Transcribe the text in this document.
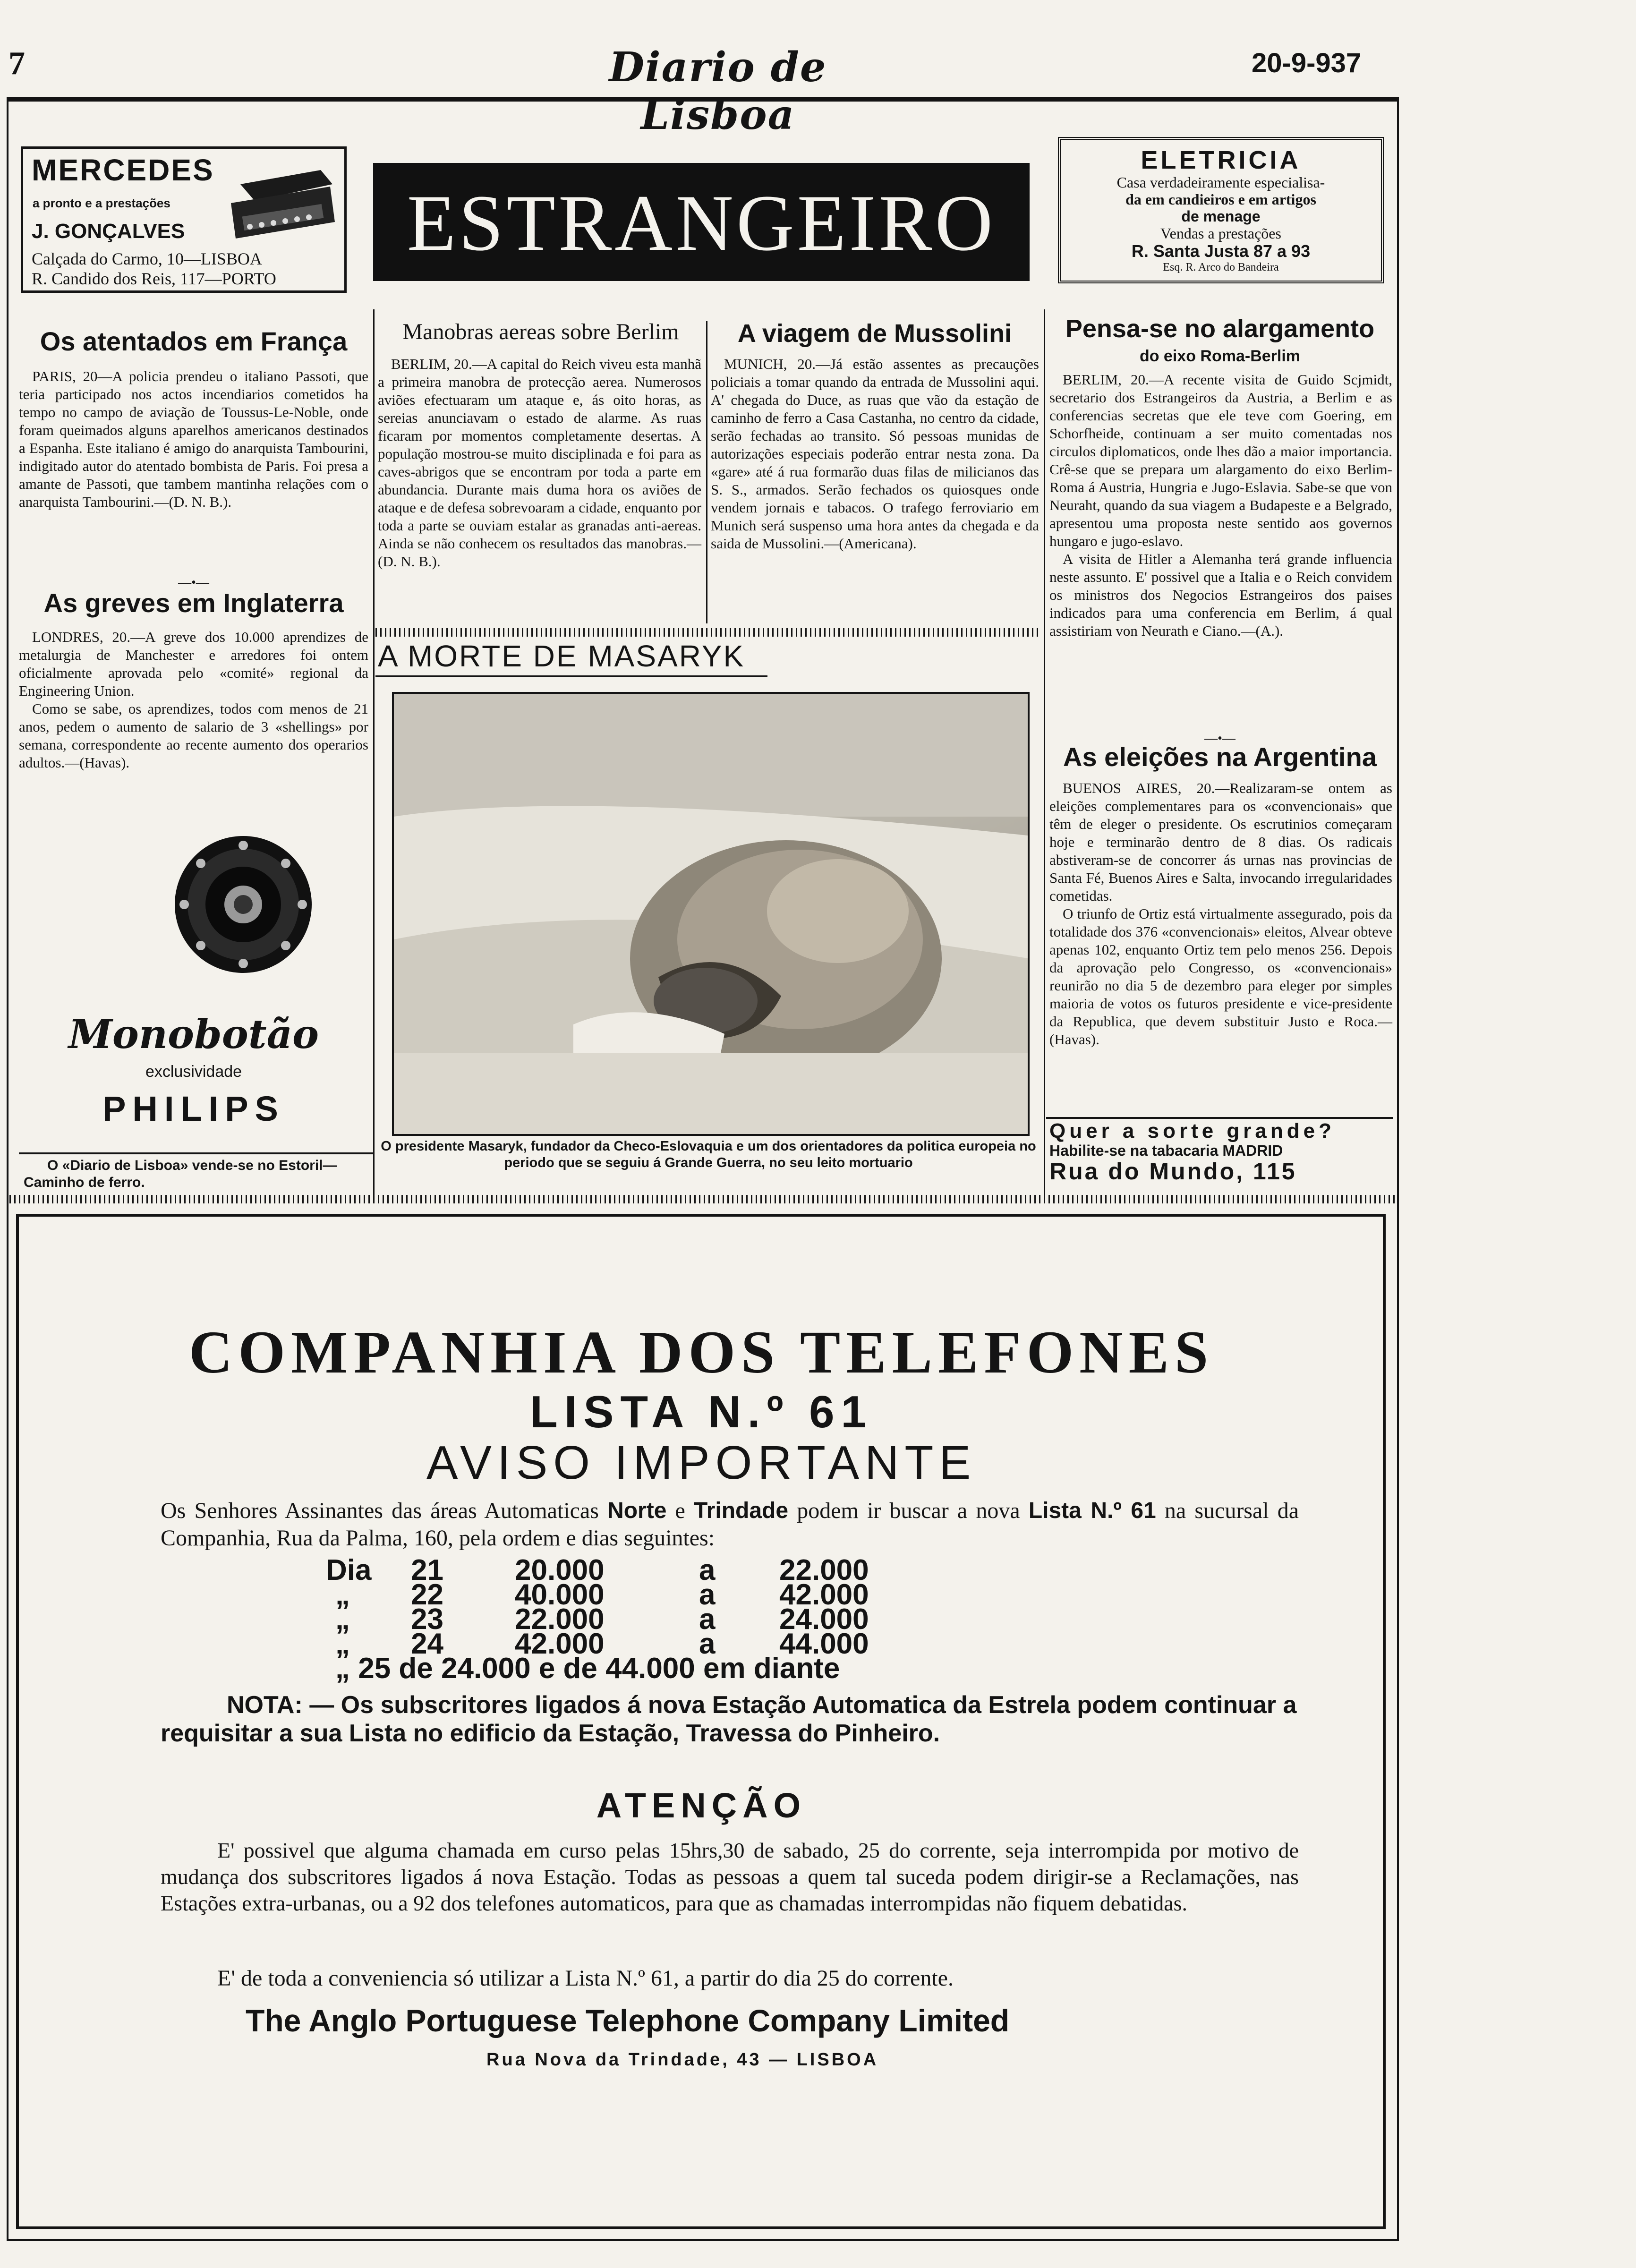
7	Diario de Lisboa
20-9-937
MERCEDES
a pronto e a prestações
J. GONÇALVES
Calçada do Carmo, 10—LISBOA
R. Candido dos Reis, 117—PORTO
ESTRANGEIRO
ELETRICIA
Casa verdadeiramente especialisa-
da em candieiros e em artigos
de menage
Vendas a prestações
R. Santa Justa 87 a 93
Esq. R. Arco do Bandeira
Os atentados em França

PARIS, 20—A policia prendeu o italiano Passoti, que teria participado nos actos incendiarios cometidos ha tempo no campo de aviação de Toussus-Le-Noble, onde foram queimados alguns aparelhos americanos destinados a Espanha. Este italiano é amigo do anarquista Tambourini, indigitado autor do atentado bombista de Paris. Foi presa a amante de Passoti, que tambem mantinha relações com o anarquista Tambourini.—(D. N. B.).

—•—
As greves em Inglaterra

LONDRES, 20.—A greve dos 10.000 aprendizes de metalurgia de Manchester e arredores foi ontem oficialmente aprovada pelo «comité» regional da Engineering Union.

Como se sabe, os aprendizes, todos com menos de 21 anos, pedem o aumento de salario de 3 «shellings» por semana, correspondente ao recente aumento dos operarios adultos.—(Havas).

Monobotão
exclusividade
PHILIPS
O «Diario de Lisboa» vende-se no Estoril—Caminho de ferro.
Manobras aereas sobre Berlim

BERLIM, 20.—A capital do Reich viveu esta manhã a primeira manobra de protecção aerea. Numerosos aviões efectuaram um ataque e, ás oito horas, as sereias anunciavam o estado de alarme. As ruas ficaram por momentos completamente desertas. A população mostrou-se muito disciplinada e foi para as caves-abrigos que se encontram por toda a parte em abundancia. Durante mais duma hora os aviões de ataque e de defesa sobrevoaram a cidade, enquanto por toda a parte se ouviam estalar as granadas anti-aereas. Ainda se não conhecem os resultados das manobras.—(D. N. B.).

A viagem de Mussolini

MUNICH, 20.—Já estão assentes as precauções policiais a tomar quando da entrada de Mussolini aqui. A' chegada do Duce, as ruas que vão da estação de caminho de ferro a Casa Castanha, no centro da cidade, serão fechadas ao transito. Só pessoas munidas de autorizações especiais poderão entrar nesta zona. Da «gare» até á rua formarão duas filas de milicianos das S. S., armados. Serão fechados os quiosques onde vendem jornais e tabacos. O trafego ferroviario em Munich será suspenso uma hora antes da chegada e da saida de Mussolini.—(Americana).

A MORTE DE MASARYK
O presidente Masaryk, fundador da Checo-Eslovaquia e um dos orientadores da politica europeia no periodo que se seguiu á Grande Guerra, no seu leito mortuario
Pensa-se no alargamento
do eixo Roma-Berlim

BERLIM, 20.—A recente visita de Guido Scjmidt, secretario dos Estrangeiros da Austria, a Berlim e as conferencias secretas que ele teve com Goering, em Schorfheide, continuam a ser muito comentadas nos circulos diplomaticos, onde lhes dão a maior importancia. Crê-se que se prepara um alargamento do eixo Berlim-Roma á Austria, Hungria e Jugo-Eslavia. Sabe-se que von Neuraht, quando da sua viagem a Budapeste e a Belgrado, apresentou uma proposta neste sentido aos governos hungaro e jugo-eslavo.

A visita de Hitler a Alemanha terá grande influencia neste assunto. E' possivel que a Italia e o Reich convidem os ministros dos Negocios Estrangeiros dos paises indicados para uma conferencia em Berlim, á qual assistiriam von Neurath e Ciano.—(A.).

—•—
As eleições na Argentina

BUENOS AIRES, 20.—Realizaram-se ontem as eleições complementares para os «convencionais» que têm de eleger o presidente. Os escrutinios começaram hoje e terminarão dentro de 8 dias. Os radicais abstiveram-se de concorrer ás urnas nas provincias de Santa Fé, Buenos Aires e Salta, invocando irregularidades cometidas.

O triunfo de Ortiz está virtualmente assegurado, pois da totalidade dos 376 «convencionais» eleitos, Alvear obteve apenas 102, enquanto Ortiz tem pelo menos 256. Depois da aprovação pelo Congresso, os «convencionais» reunirão no dia 5 de dezembro para eleger por simples maioria de votos os futuros presidente e vice-presidente da Republica, que devem substituir Justo e Roca.—(Havas).

Quer a sorte grande?
Habilite-se na tabacaria MADRID
Rua do Mundo, 115
COMPANHIA DOS TELEFONES
LISTA N.º 61
AVISO IMPORTANTE
Os Senhores Assinantes das áreas Automaticas Norte e Trindade podem ir buscar a nova Lista N.º 61 na sucursal da Companhia, Rua da Palma, 160, pela ordem e dias seguintes:
Dia 21 20.000	a 22.000
„ 22 40.000	a 42.000
„ 23 22.000	a 24.000
„ 24 42.000	a 44.000
„ 25 de 24.000 e de 44.000 em diante
NOTA: — Os subscritores ligados á nova Estação Automatica da Estrela podem continuar a requisitar a sua Lista no edificio da Estação, Travessa do Pinheiro.
ATENÇÃO
E' possivel que alguma chamada em curso pelas 15hrs,30 de sabado, 25 do corrente, seja interrompida por motivo de mudança dos subscritores ligados á nova Estação. Todas as pessoas a quem tal suceda podem dirigir-se a Reclamações, nas Estações extra-urbanas, ou a 92 dos telefones automaticos, para que as chamadas interrompidas não fiquem debatidas.
E' de toda a conveniencia só utilizar a Lista N.º 61, a partir do dia 25 do corrente.
The Anglo Portuguese Telephone Company Limited
Rua Nova da Trindade, 43 — LISBOA
